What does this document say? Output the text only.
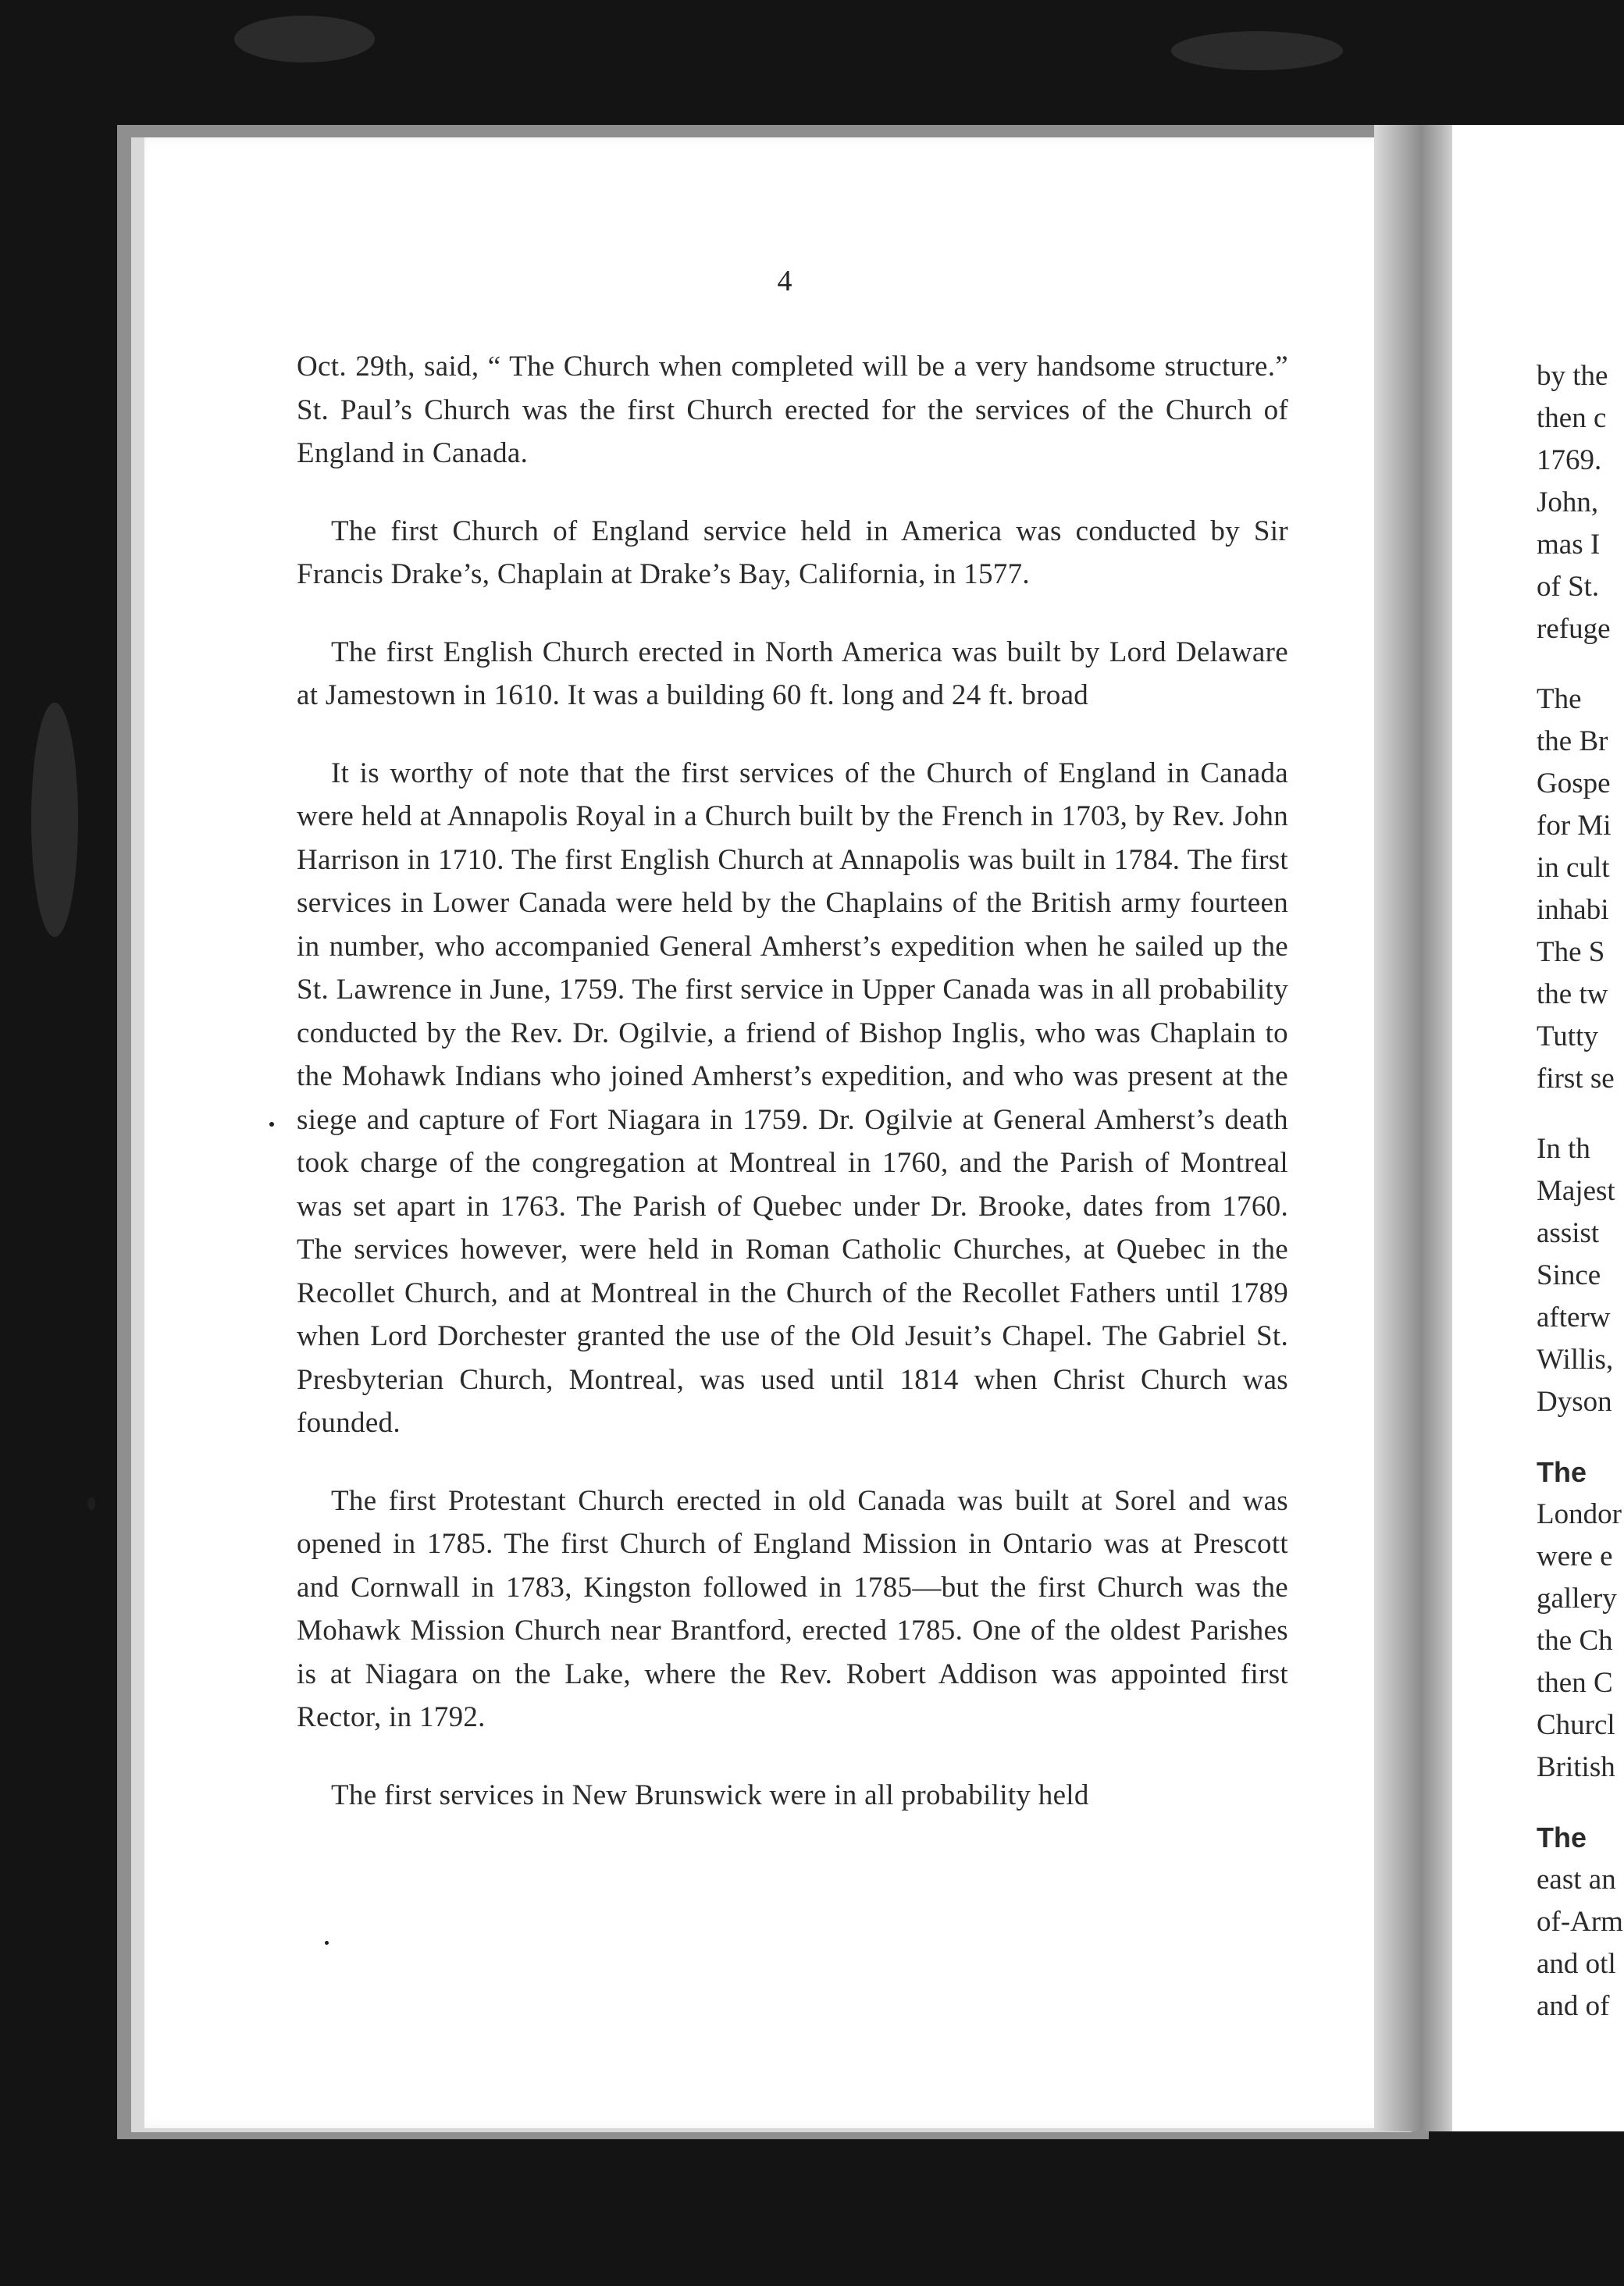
4

Oct. 29th, said, “ The Church when completed will be a very handsome structure.” St. Paul’s Church was the first Church erected for the services of the Church of England in Canada.

The first Church of England service held in America was conducted by Sir Francis Drake’s, Chaplain at Drake’s Bay, California, in 1577.

The first English Church erected in North America was built by Lord Delaware at Jamestown in 1610. It was a building 60 ft. long and 24 ft. broad

It is worthy of note that the first services of the Church of England in Canada were held at Annapolis Royal in a Church built by the French in 1703, by Rev. John Harrison in 1710. The first English Church at Annapolis was built in 1784. The first services in Lower Canada were held by the Chaplains of the British army fourteen in number, who accompanied General Amherst’s expedition when he sailed up the St. Lawrence in June, 1759. The first service in Upper Canada was in all probability conducted by the Rev. Dr. Ogilvie, a friend of Bishop Inglis, who was Chaplain to the Mohawk Indians who joined Amherst’s expedition, and who was present at the siege and capture of Fort Niagara in 1759. Dr. Ogilvie at General Amherst’s death took charge of the congregation at Montreal in 1760, and the Parish of Montreal was set apart in 1763. The Parish of Quebec under Dr. Brooke, dates from 1760. The services however, were held in Roman Catholic Churches, at Quebec in the Recollet Church, and at Montreal in the Church of the Recollet Fathers until 1789 when Lord Dorchester granted the use of the Old Jesuit’s Chapel. The Gabriel St. Presbyterian Church, Montreal, was used until 1814 when Christ Church was founded.

The first Protestant Church erected in old Canada was built at Sorel and was opened in 1785. The first Church of England Mission in Ontario was at Prescott and Cornwall in 1783, Kingston followed in 1785—but the first Church was the Mohawk Mission Church near Brantford, erected 1785. One of the oldest Parishes is at Niagara on the Lake, where the Rev. Robert Addison was appointed first Rector, in 1792.

The first services in New Brunswick were in all probability held

by the
then c
1769.
John,
mas I
of St.
refuge
The
the Br
Gospe
for Mi
in cult
inhabi
The S
the tw
Tutty
first se
In th
Majest
assist
Since
afterw
Willis,
Dyson
The
Londor
were e
gallery
the Ch
then C
Churcl
British
The
east an
of-Arm
and otl
and of
